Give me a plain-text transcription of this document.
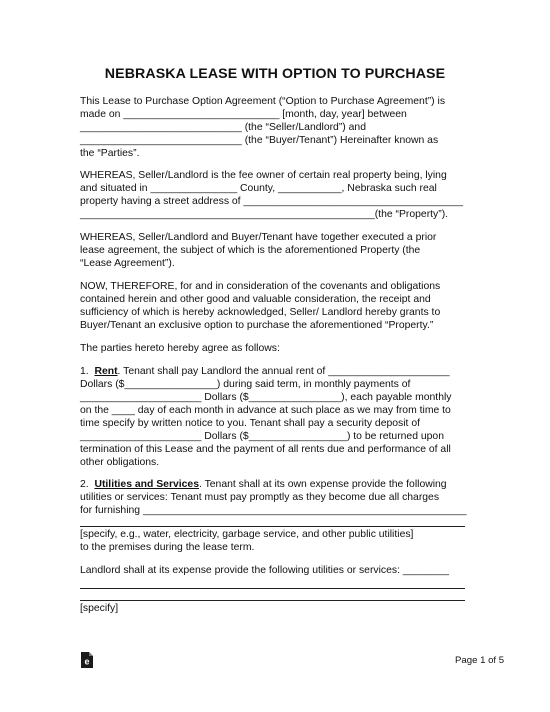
NEBRASKA LEASE WITH OPTION TO PURCHASE
This Lease to Purchase Option Agreement (“Option to Purchase Agreement”) is
made on ___________________________ [month, day, year] between
____________________________ (the “Seller/Landlord”) and
____________________________ (the “Buyer/Tenant”) Hereinafter known as
the “Parties”.
WHEREAS, Seller/Landlord is the fee owner of certain real property being, lying
and situated in _______________ County, ___________, Nebraska such real
property having a street address of ______________________________________
___________________________________________________(the “Property”).
WHEREAS, Seller/Landlord and Buyer/Tenant have together executed a prior
lease agreement, the subject of which is the aforementioned Property (the
“Lease Agreement”).
NOW, THEREFORE, for and in consideration of the covenants and obligations
contained herein and other good and valuable consideration, the receipt and
sufficiency of which is hereby acknowledged, Seller/ Landlord hereby grants to
Buyer/Tenant an exclusive option to purchase the aforementioned “Property.”
The parties hereto hereby agree as follows:
1. Rent. Tenant shall pay Landlord the annual rent of _____________________
Dollars ($________________) during said term, in monthly payments of
_____________________ Dollars ($________________), each payable monthly
on the ____ day of each month in advance at such place as we may from time to
time specify by written notice to you. Tenant shall pay a security deposit of
_____________________ Dollars ($_________________) to be returned upon
termination of this Lease and the payment of all rents due and performance of all
other obligations.
2. Utilities and Services. Tenant shall at its own expense provide the following
utilities or services: Tenant must pay promptly as they become due all charges
for furnishing ________________________________________________________
[specify, e.g., water, electricity, garbage service, and other public utilities]
to the premises during the lease term.
Landlord shall at its expense provide the following utilities or services: ________
[specify]
e	Page 1 of 5
